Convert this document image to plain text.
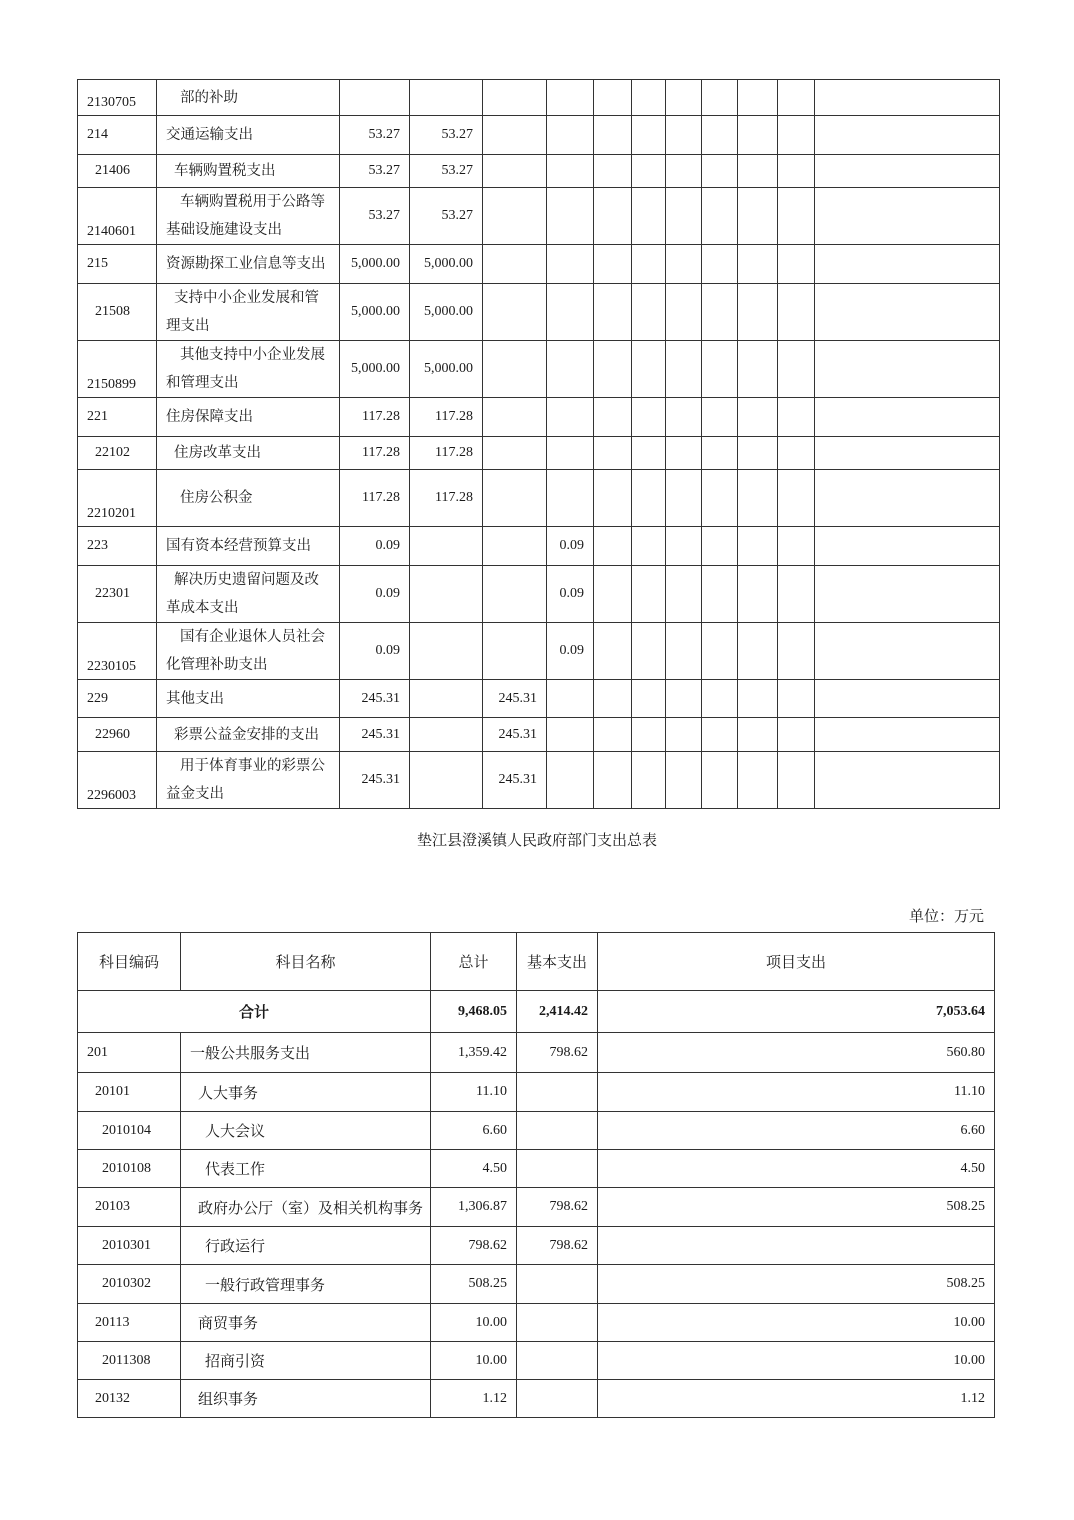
2130705	部的补助											

214	交通运输支出	53.27	53.27									
21406	车辆购置税支出	53.27	53.27									
2140601	车辆购置税用于公路等
基础设施建设支出	53.27	53.27									
215	资源勘探工业信息等支出	5,000.00	5,000.00									
21508	支持中小企业发展和管
理支出	5,000.00	5,000.00									
2150899	其他支持中小企业发展
和管理支出	5,000.00	5,000.00									
221	住房保障支出	117.28	117.28									
22102	住房改革支出	117.28	117.28									
2210201	住房公积金	117.28	117.28									
223	国有资本经营预算支出	0.09			0.09							
22301	解决历史遗留问题及改
革成本支出	0.09			0.09							
2230105	国有企业退休人员社会
化管理补助支出	0.09			0.09							
229	其他支出	245.31		245.31								
22960	彩票公益金安排的支出	245.31		245.31								
2296003	用于体育事业的彩票公
益金支出	245.31		245.31								
垫江县澄溪镇人民政府部门支出总表
单位：万元
科目编码	科目名称	总计	基本支出	项目支出
合计		9,468.05	2,414.42	7,053.64
201	一般公共服务支出	1,359.42	798.62	560.80
20101	人大事务	11.10		11.10
2010104	人大会议	6.60		6.60
2010108	代表工作	4.50		4.50
20103	政府办公厅（室）及相关机构事务	1,306.87	798.62	508.25
2010301	行政运行	798.62	798.62	
2010302	一般行政管理事务	508.25		508.25
20113	商贸事务	10.00		10.00
2011308	招商引资	10.00		10.00
20132	组织事务	1.12		1.12
